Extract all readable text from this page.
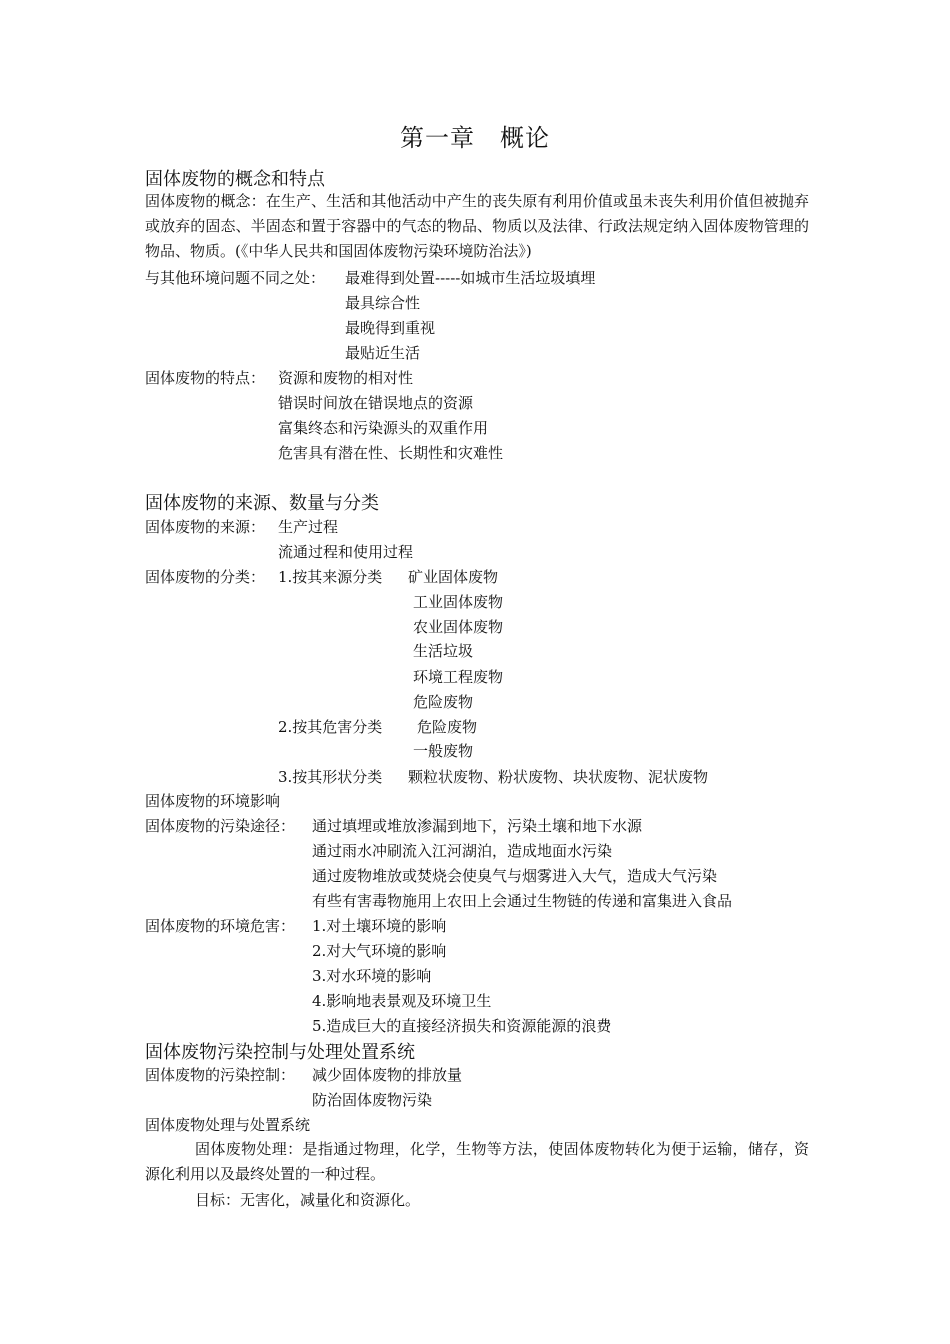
第一章　概论
固体废物的概念和特点
固体废物的概念：在生产、生活和其他活动中产生的丧失原有利用价值或虽未丧失利用价值但被抛弃或放弃的固态、半固态和置于容器中的气态的物品、物质以及法律、行政法规定纳入固体废物管理的物品、物质。(《中华人民共和国固体废物污染环境防治法》)
与其他环境问题不同之处： 最难得到处置-----如城市生活垃圾填埋
最具综合性
最晚得到重视
最贴近生活
固体废物的特点： 资源和废物的相对性
错误时间放在错误地点的资源
富集终态和污染源头的双重作用
危害具有潜在性、长期性和灾难性
固体废物的来源、数量与分类
固体废物的来源： 生产过程
流通过程和使用过程
固体废物的分类： 1.按其来源分类 矿业固体废物
工业固体废物
农业固体废物
生活垃圾
环境工程废物
危险废物
2.按其危害分类 危险废物
一般废物
3.按其形状分类 颗粒状废物、粉状废物、块状废物、泥状废物
固体废物的环境影响
固体废物的污染途径： 通过填埋或堆放渗漏到地下，污染土壤和地下水源
通过雨水冲刷流入江河湖泊，造成地面水污染
通过废物堆放或焚烧会使臭气与烟雾进入大气，造成大气污染
有些有害毒物施用上农田上会通过生物链的传递和富集进入食品
固体废物的环境危害： 1.对土壤环境的影响
2.对大气环境的影响
3.对水环境的影响
4.影响地表景观及环境卫生
5.造成巨大的直接经济损失和资源能源的浪费
固体废物污染控制与处理处置系统
固体废物的污染控制： 减少固体废物的排放量
防治固体废物污染
固体废物处理与处置系统
固体废物处理：是指通过物理，化学，生物等方法，使固体废物转化为便于运输，储存，资源化利用以及最终处置的一种过程。
目标：无害化，减量化和资源化。
